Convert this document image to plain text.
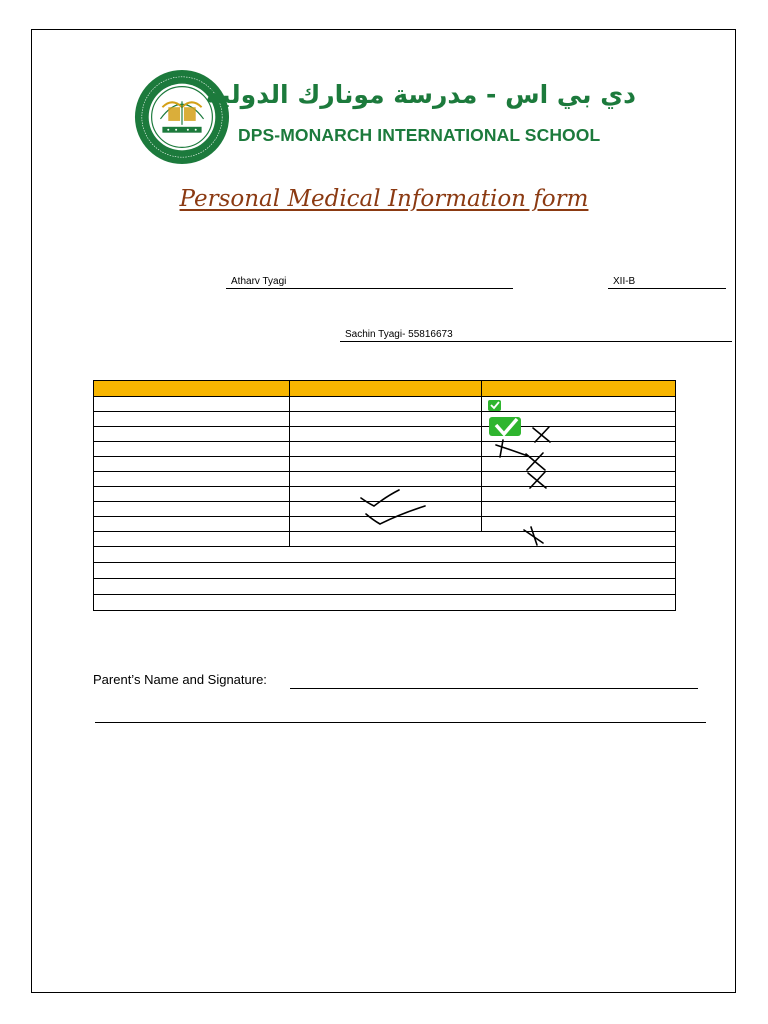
دي بي اس - مدرسة مونارك الدولية
DPS-MONARCH INTERNATIONAL SCHOOL
Personal Medical Information form
Atharv Tyagi	XII-B
Sachin Tyagi- 55816673

Parent’s Name and Signature:
